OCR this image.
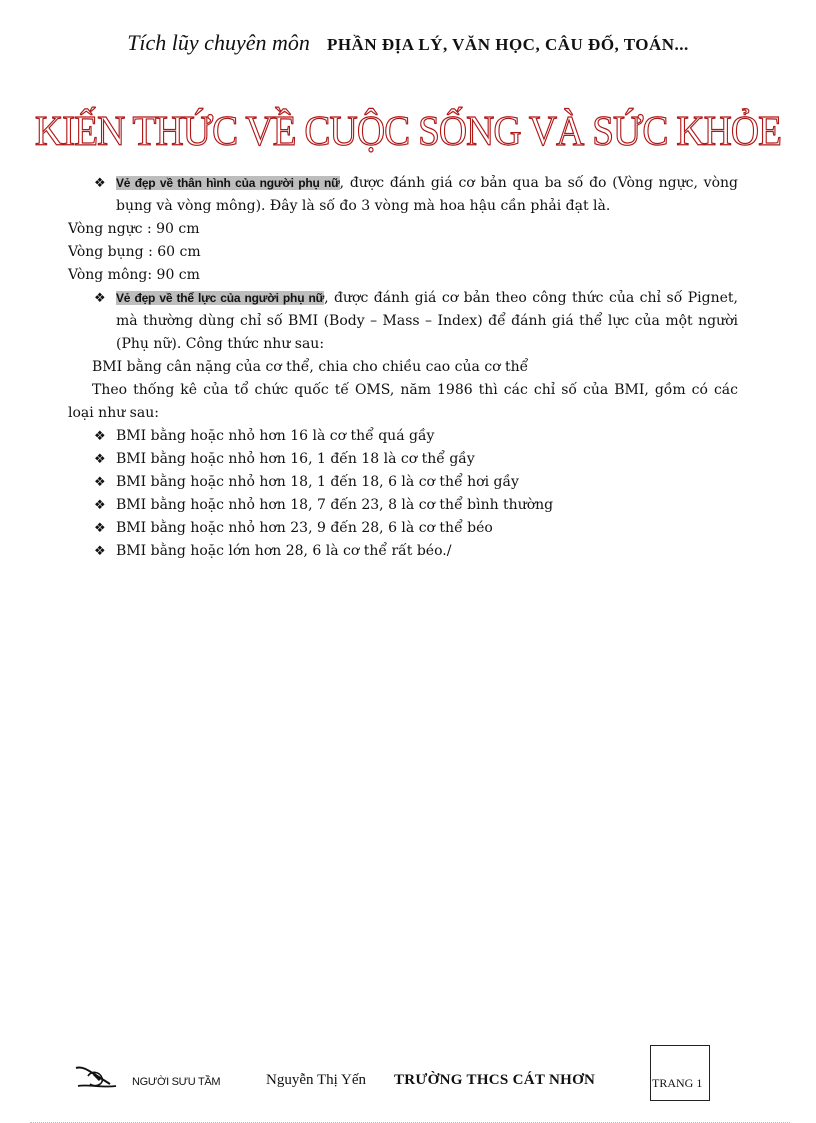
Tích lũy chuyên môn PHẦN ĐỊA LÝ, VĂN HỌC, CÂU ĐỐ, TOÁN...
KIẾN THỨC VỀ CUỘC SỐNG VÀ SỨC KHỎE
❖ Vẻ đẹp về thân hình của người phụ nữ, được đánh giá cơ bản qua ba số đo (Vòng ngực, vòng bụng và vòng mông). Đây là số đo 3 vòng mà hoa hậu cần phải đạt là.
Vòng ngực : 90 cm
Vòng bụng : 60 cm
Vòng mông: 90 cm
❖ Vẻ đẹp về thể lực của người phụ nữ, được đánh giá cơ bản theo công thức của chỉ số Pignet, mà thường dùng chỉ số BMI (Body – Mass – Index) để đánh giá thể lực của một người (Phụ nữ). Công thức như sau:
BMI bằng cân nặng của cơ thể, chia cho chiều cao của cơ thể
Theo thống kê của tổ chức quốc tế OMS, năm 1986 thì các chỉ số của BMI, gồm có các loại như sau:
❖ BMI bằng hoặc nhỏ hơn 16 là cơ thể quá gầy
❖ BMI bằng hoặc nhỏ hơn 16, 1 đến 18 là cơ thể gầy
❖ BMI bằng hoặc nhỏ hơn 18, 1 đến 18, 6 là cơ thể hơi gầy
❖ BMI bằng hoặc nhỏ hơn 18, 7 đến 23, 8 là cơ thể bình thường
❖ BMI bằng hoặc nhỏ hơn 23, 9 đến 28, 6 là cơ thể béo
❖ BMI bằng hoặc lớn hơn 28, 6 là cơ thể rất béo./
NGƯỜI SƯU TẦM	Nguyễn Thị Yến TRƯỜNG THCS CÁT NHƠN	TRANG 1
